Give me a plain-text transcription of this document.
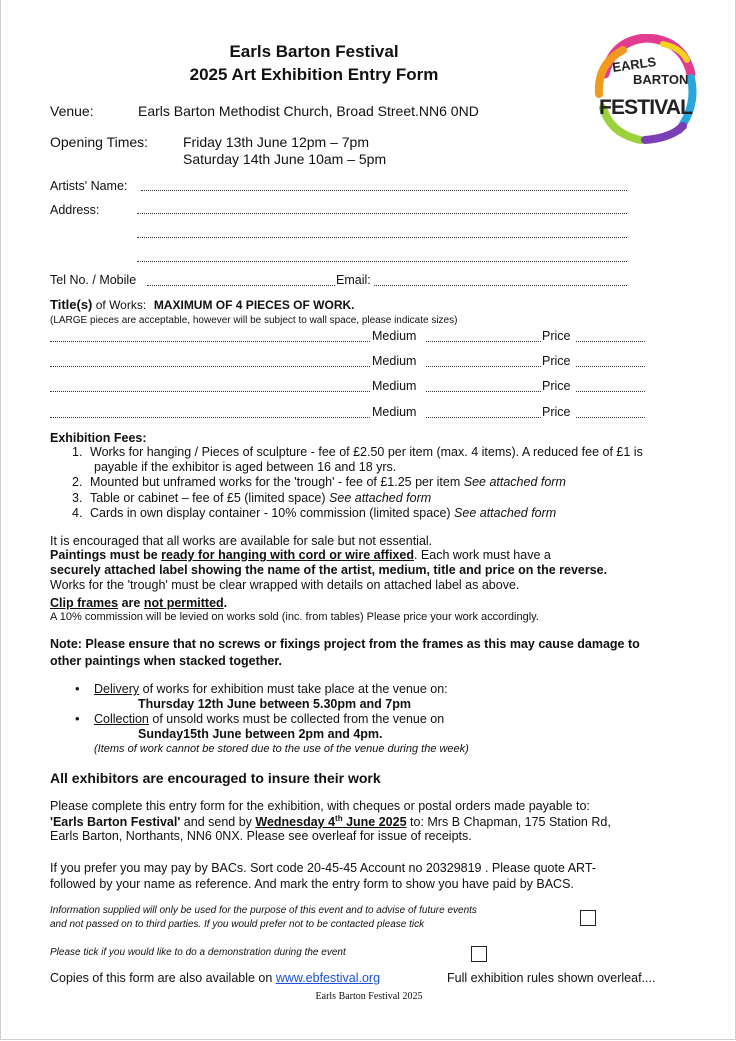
Earls Barton Festival
2025 Art Exhibition Entry Form	EARLS
BARTON
FESTIVAL
Venue:	Earls Barton Methodist Church, Broad Street.NN6 0ND
Opening Times: Friday 13th June 12pm – 7pm
Saturday 14th June 10am – 5pm
Artists' Name:
Address:
Tel No. / Mobile	Email:
Title(s) of Works: MAXIMUM OF 4 PIECES OF WORK.
(LARGE pieces are acceptable, however will be subject to wall space, please indicate sizes)
Medium	Price
Medium	Price
Medium	Price
Medium	Price
Exhibition Fees:
1. Works for hanging / Pieces of sculpture - fee of £2.50 per item (max. 4 items). A reduced fee of £1 is
payable if the exhibitor is aged between 16 and 18 yrs.
2. Mounted but unframed works for the 'trough' - fee of £1.25 per item See attached form
3. Table or cabinet – fee of £5 (limited space) See attached form
4. Cards in own display container - 10% commission (limited space) See attached form
It is encouraged that all works are available for sale but not essential.
Paintings must be ready for hanging with cord or wire affixed. Each work must have a
securely attached label showing the name of the artist, medium, title and price on the reverse.
Works for the 'trough' must be clear wrapped with details on attached label as above.
Clip frames are not permitted.
A 10% commission will be levied on works sold (inc. from tables) Please price your work accordingly.
Note: Please ensure that no screws or fixings project from the frames as this may cause damage to
other paintings when stacked together.
• Delivery of works for exhibition must take place at the venue on:
Thursday 12th June between 5.30pm and 7pm
• Collection of unsold works must be collected from the venue on
Sunday15th June between 2pm and 4pm.
(Items of work cannot be stored due to the use of the venue during the week)
All exhibitors are encouraged to insure their work
Please complete this entry form for the exhibition, with cheques or postal orders made payable to:
'Earls Barton Festival' and send by Wednesday 4th June 2025 to: Mrs B Chapman, 175 Station Rd,
Earls Barton, Northants, NN6 0NX. Please see overleaf for issue of receipts.
If you prefer you may pay by BACs. Sort code 20-45-45 Account no 20329819 . Please quote ART-
followed by your name as reference. And mark the entry form to show you have paid by BACS.
Information supplied will only be used for the purpose of this event and to advise of future events
and not passed on to third parties. If you would prefer not to be contacted please tick
Please tick if you would like to do a demonstration during the event
Copies of this form are also available on www.ebfestival.org	Full exhibition rules shown overleaf....
Earls Barton Festival 2025
